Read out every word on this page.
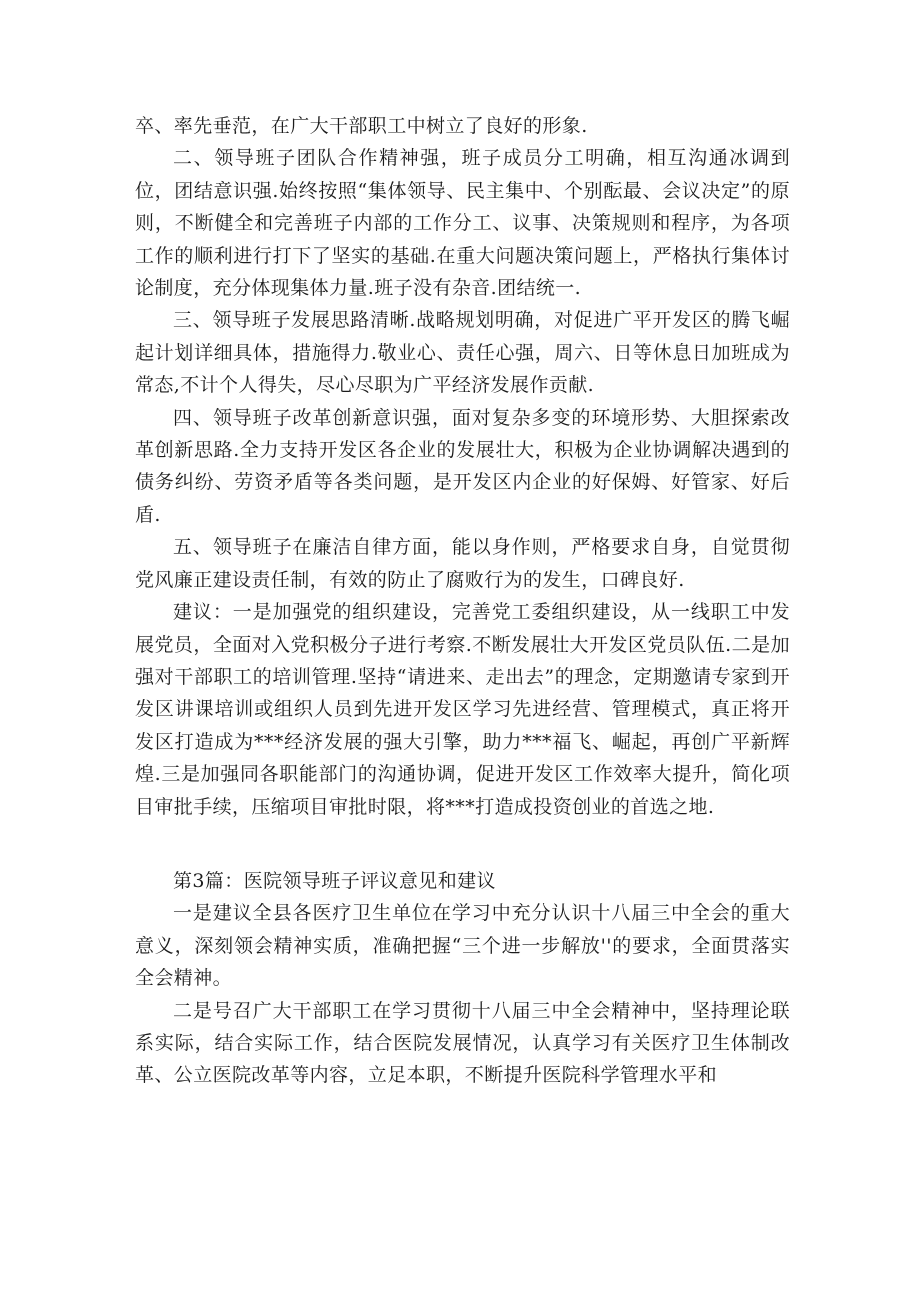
卒、率先垂范，在广大干部职工中树立了良好的形象.

二、领导班子团队合作精神强，班子成员分工明确，相互沟通冰调到位，团结意识强.始终按照“集体领导、民主集中、个别酝最、会议决定”的原则，不断健全和完善班子内部的工作分工、议事、决策规则和程序，为各项工作的顺利进行打下了坚实的基础.在重大问题决策问题上，严格执行集体讨论制度，充分体现集体力量.班子没有杂音.团结统一.

三、领导班子发展思路清晰.战略规划明确，对促进广平开发区的腾飞崛起计划详细具体，措施得力.敬业心、责任心强，周六、日等休息日加班成为常态,不计个人得失，尽心尽职为广平经济发展作贡献.

四、领导班子改革创新意识强，面对复杂多变的环境形势、大胆探索改革创新思路.全力支持开发区各企业的发展壮大，积极为企业协调解决遇到的债务纠纷、劳资矛盾等各类问题，是开发区内企业的好保姆、好管家、好后盾.

五、领导班子在廉洁自律方面，能以身作则，严格要求自身，自觉贯彻党风廉正建设责任制，有效的防止了腐败行为的发生，口碑良好.

建议：一是加强党的组织建设，完善党工委组织建设，从一线职工中发展党员，全面对入党积极分子进行考察.不断发展壮大开发区党员队伍.二是加强对干部职工的培训管理.坚持“请进来、走出去”的理念，定期邀请专家到开发区讲课培训或组织人员到先进开发区学习先进经营、管理模式，真正将开发区打造成为***经济发展的强大引擎，助力***福飞、崛起，再创广平新辉煌.三是加强同各职能部门的沟通协调，促进开发区工作效率大提升，简化项目审批手续，压缩项目审批时限，将***打造成投资创业的首选之地.

第3篇：医院领导班子评议意见和建议

一是建议全县各医疗卫生单位在学习中充分认识十八届三中全会的重大意义，深刻领会精神实质，准确把握“三个进一步解放''的要求，全面贯落实全会精神。

二是号召广大干部职工在学习贯彻十八届三中全会精神中，坚持理论联系实际，结合实际工作，结合医院发展情况，认真学习有关医疗卫生体制改革、公立医院改革等内容，立足本职，不断提升医院科学管理水平和
